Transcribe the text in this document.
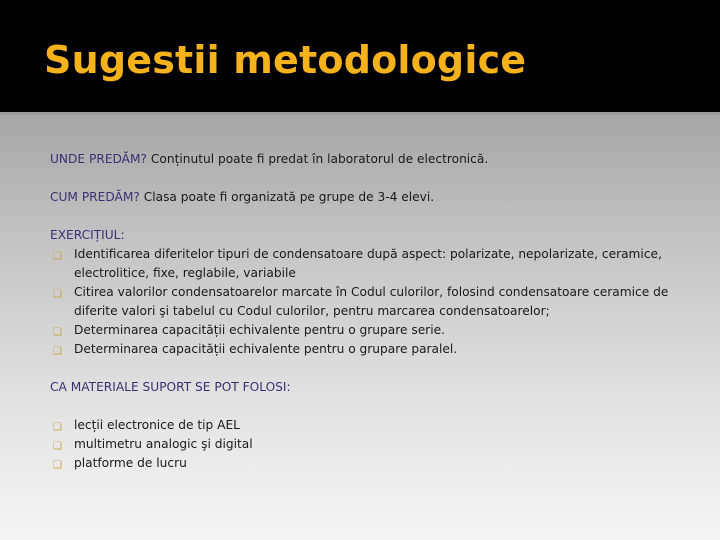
Sugestii metodologice

UNDE PREDĂM? Conținutul poate fi predat în laboratorul de electronică.

CUM PREDĂM? Clasa poate fi organizată pe grupe de 3-4 elevi.

EXERCIȚIUL:

❏ Identificarea diferitelor tipuri de condensatoare după aspect: polarizate, nepolarizate, ceramice, electrolitice, fixe, reglabile, variabile
❏ Citirea valorilor condensatoarelor marcate în Codul culorilor, folosind condensatoare ceramice de diferite valori şi tabelul cu Codul culorilor, pentru marcarea condensatoarelor;
❏ Determinarea capacității echivalente pentru o grupare serie.
❏ Determinarea capacității echivalente pentru o grupare paralel.

CA MATERIALE SUPORT SE POT FOLOSI:

❏ lecții electronice de tip AEL
❏ multimetru analogic şi digital
❏ platforme de lucru
